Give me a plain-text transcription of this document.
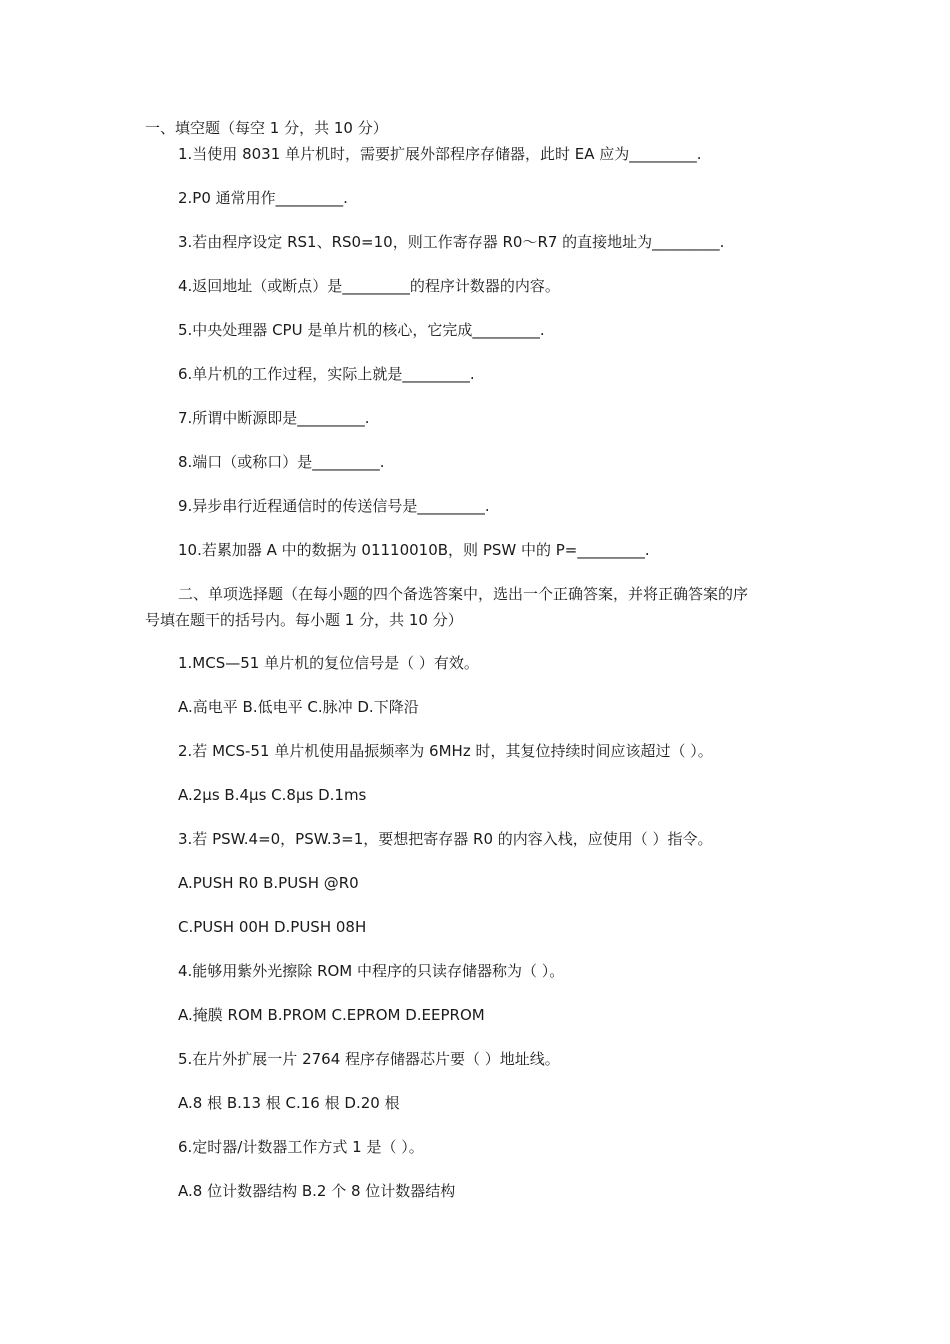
一、填空题（每空 1 分，共 10 分）
1.当使用 8031 单片机时，需要扩展外部程序存储器，此时 EA 应为_________.
2.P0 通常用作_________.
3.若由程序设定 RS1、RS0=10，则工作寄存器 R0～R7 的直接地址为_________.
4.返回地址（或断点）是_________的程序计数器的内容。
5.中央处理器 CPU 是单片机的核心，它完成_________.
6.单片机的工作过程，实际上就是_________.
7.所谓中断源即是_________.
8.端口（或称口）是_________.
9.异步串行近程通信时的传送信号是_________.
10.若累加器 A 中的数据为 01110010B，则 PSW 中的 P=_________.
二、单项选择题（在每小题的四个备选答案中，选出一个正确答案，并将正确答案的序
号填在题干的括号内。每小题 1 分，共 10 分）
1.MCS—51 单片机的复位信号是（ ）有效。
A.高电平 B.低电平 C.脉冲 D.下降沿
2.若 MCS-51 单片机使用晶振频率为 6MHz 时，其复位持续时间应该超过（ ）。
A.2μs B.4μs C.8μs D.1ms
3.若 PSW.4=0，PSW.3=1，要想把寄存器 R0 的内容入栈，应使用（ ）指令。
A.PUSH R0 B.PUSH @R0
C.PUSH 00H D.PUSH 08H
4.能够用紫外光擦除 ROM 中程序的只读存储器称为（ ）。
A.掩膜 ROM B.PROM C.EPROM D.EEPROM
5.在片外扩展一片 2764 程序存储器芯片要（ ）地址线。
A.8 根 B.13 根 C.16 根 D.20 根
6.定时器/计数器工作方式 1 是（ ）。
A.8 位计数器结构 B.2 个 8 位计数器结构
